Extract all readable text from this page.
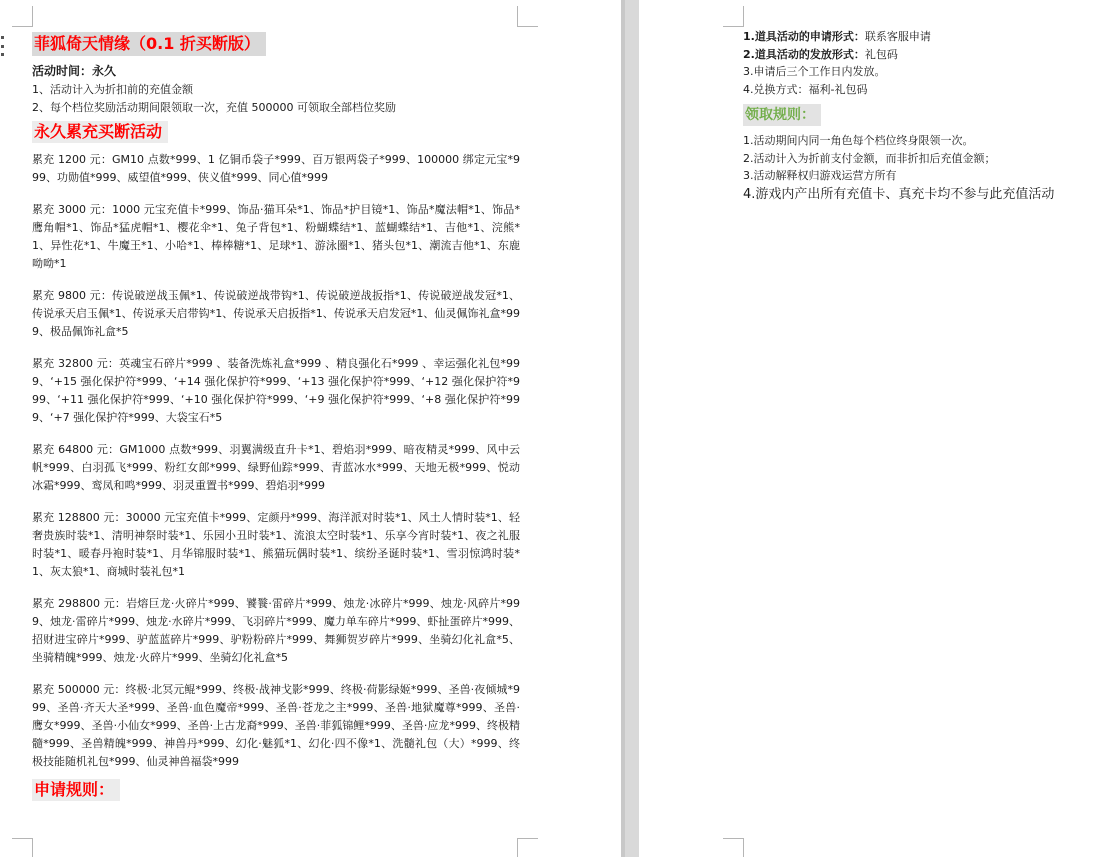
菲狐倚天情缘（0.1 折买断版）
活动时间：永久
1、活动计入为折扣前的充值金额
2、每个档位奖励活动期间限领取一次，充值 500000 可领取全部档位奖励
永久累充买断活动

累充 1200 元：GM10 点数*999、1 亿铜币袋子*999、百万银两袋子*999、100000 绑定元宝*999、功勋值*999、威望值*999、侠义值*999、同心值*999

累充 3000 元：1000 元宝充值卡*999、饰品·猫耳朵*1、饰品*护目镜*1、饰品*魔法帽*1、饰品*鹰角帽*1、饰品*猛虎帽*1、樱花伞*1、兔子背包*1、粉蝴蝶结*1、蓝蝴蝶结*1、吉他*1、浣熊*1、异性花*1、牛魔王*1、小哈*1、棒棒糖*1、足球*1、游泳圈*1、猪头包*1、潮流吉他*1、东鹿呦呦*1

累充 9800 元：传说破逆战玉佩*1、传说破逆战带钩*1、传说破逆战扳指*1、传说破逆战发冠*1、传说承天启玉佩*1、传说承天启带钩*1、传说承天启扳指*1、传说承天启发冠*1、仙灵佩饰礼盒*999、极品佩饰礼盒*5

累充 32800 元：英魂宝石碎片*999 、装备洗炼礼盒*999 、精良强化石*999 、幸运强化礼包*999、‘+15 强化保护符*999、‘+14 强化保护符*999、‘+13 强化保护符*999、‘+12 强化保护符*999、‘+11 强化保护符*999、‘+10 强化保护符*999、‘+9 强化保护符*999、‘+8 强化保护符*999、‘+7 强化保护符*999、大袋宝石*5

累充 64800 元：GM1000 点数*999、羽翼满级直升卡*1、碧焰羽*999、暗夜精灵*999、风中云帆*999、白羽孤飞*999、粉红女郎*999、绿野仙踪*999、青蓝冰水*999、天地无极*999、悦动冰霜*999、鸾凤和鸣*999、羽灵重置书*999、碧焰羽*999

累充 128800 元：30000 元宝充值卡*999、定颜丹*999、海洋派对时装*1、风土人情时装*1、轻奢贵族时装*1、清明神祭时装*1、乐园小丑时装*1、流浪太空时装*1、乐享今宵时装*1、夜之礼服时装*1、暖春丹袍时装*1、月华锦服时装*1、熊猫玩偶时装*1、缤纷圣诞时装*1、雪羽惊鸿时装*1、灰太狼*1、商城时装礼包*1

累充 298800 元：岩熔巨龙·火碎片*999、饕餮·雷碎片*999、烛龙·冰碎片*999、烛龙·风碎片*999、烛龙·雷碎片*999、烛龙·水碎片*999、飞羽碎片*999、魔力单车碎片*999、虾扯蛋碎片*999、招财进宝碎片*999、驴蓝蓝碎片*999、驴粉粉碎片*999、舞狮贺岁碎片*999、坐骑幻化礼盒*5、坐骑精魄*999、烛龙·火碎片*999、坐骑幻化礼盒*5

累充 500000 元：终极·北冥元鲲*999、终极·战神戈影*999、终极·荷影绿姬*999、圣兽·夜倾城*999、圣兽·齐天大圣*999、圣兽·血色魔帝*999、圣兽·苍龙之主*999、圣兽·地狱魔尊*999、圣兽·鹰女*999、圣兽·小仙女*999、圣兽·上古龙裔*999、圣兽·菲狐锦鲤*999、圣兽·应龙*999、终极精髓*999、圣兽精魄*999、神兽丹*999、幻化·魅狐*1、幻化·四不像*1、洗髓礼包（大）*999、终极技能随机礼包*999、仙灵神兽福袋*999

申请规则：
1.道具活动的申请形式：联系客服申请
2.道具活动的发放形式：礼包码
3.申请后三个工作日内发放。
4.兑换方式：福利-礼包码
领取规则：
1.活动期间内同一角色每个档位终身限领一次。
2.活动计入为折前支付金额，而非折扣后充值金额；
3.活动解释权归游戏运营方所有
4.游戏内产出所有充值卡、真充卡均不参与此充值活动
